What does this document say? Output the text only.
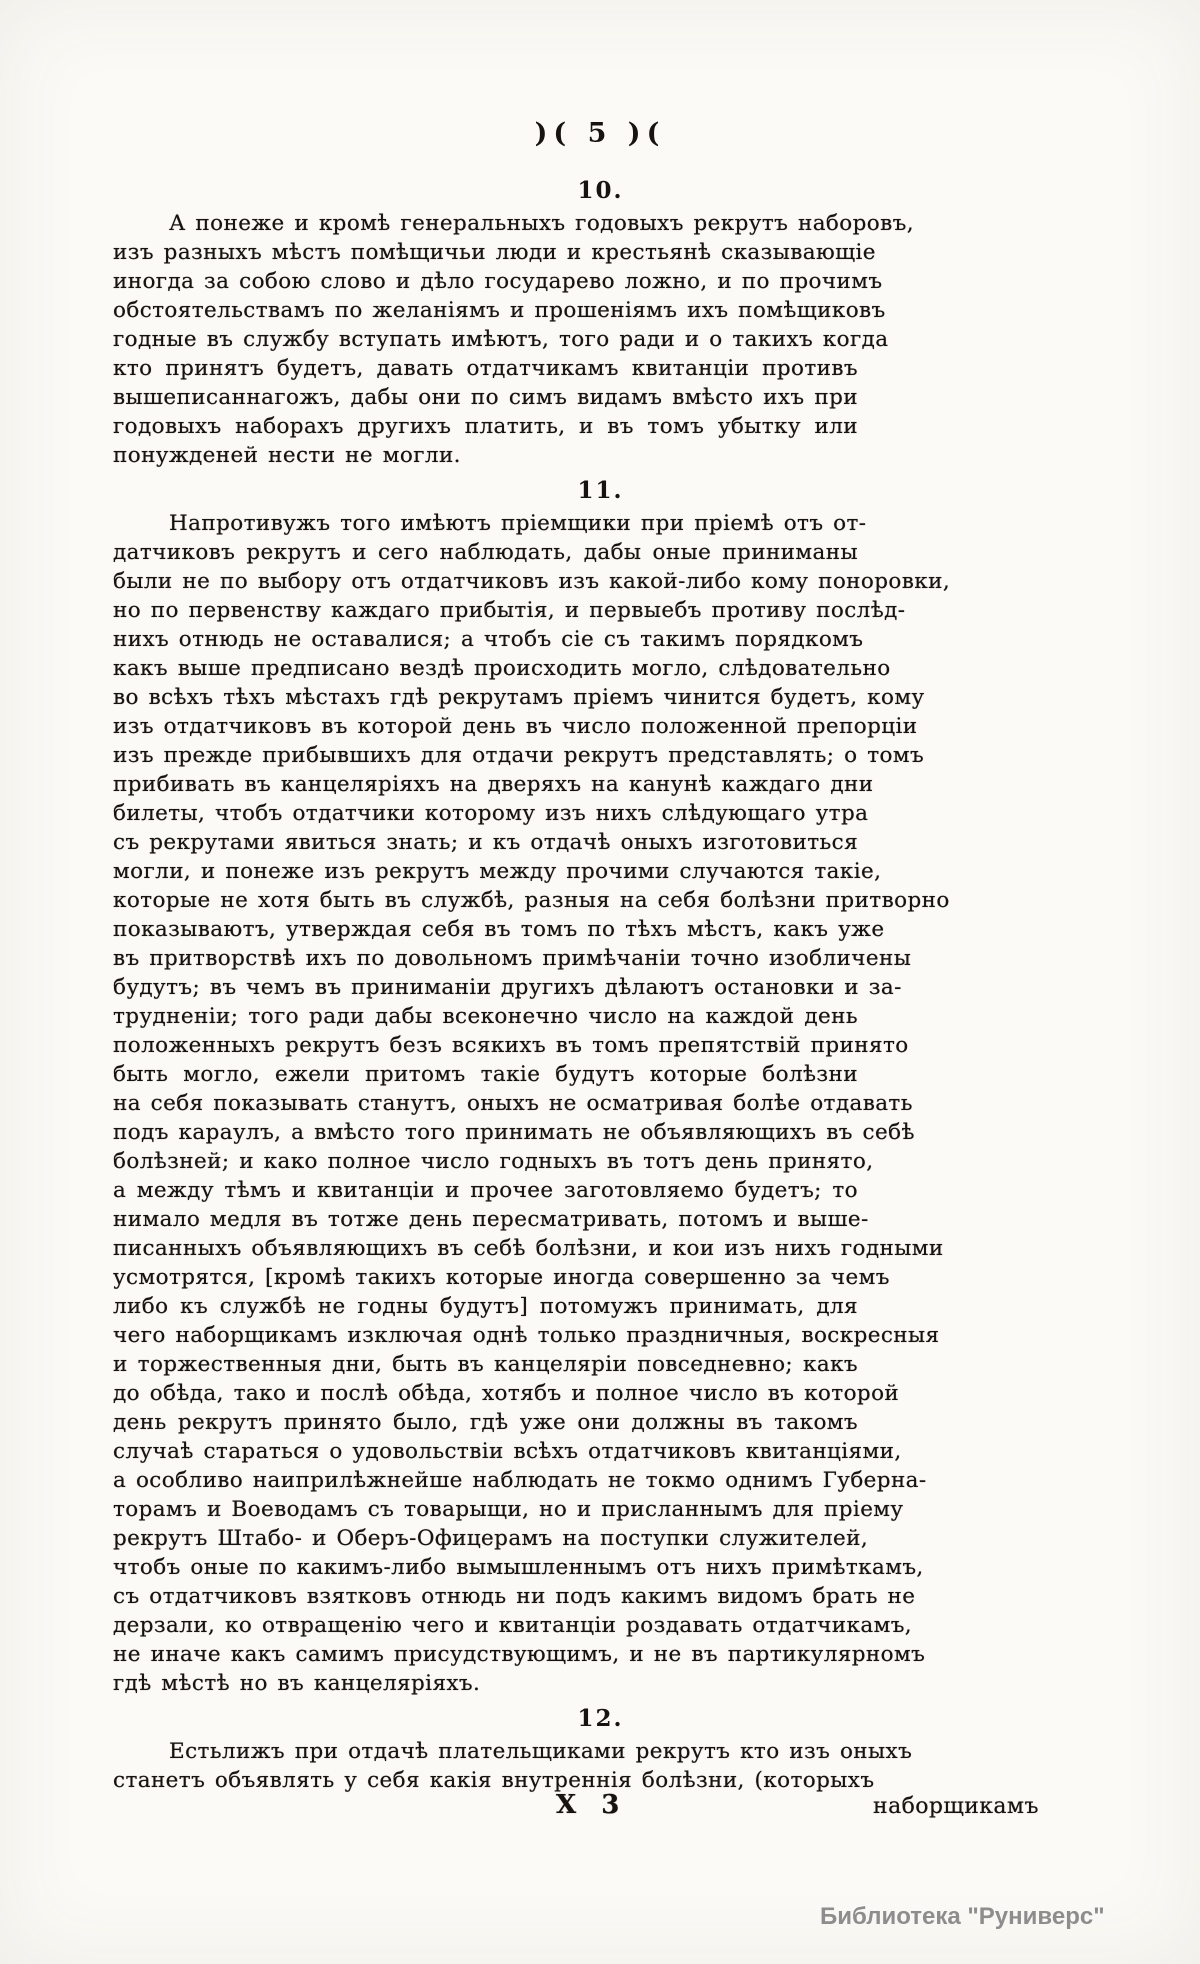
)( 5 )(
10.
А понеже и кромѣ генеральныхъ годовыхъ рекрутъ наборовъ,
изъ разныхъ мѣстъ помѣщичьи люди и крестьянѣ сказывающіе
иногда за собою слово и дѣло государево ложно, и по прочимъ
обстоятельствамъ по желаніямъ и прошеніямъ ихъ помѣщиковъ
годные въ службу вступать имѣютъ, того ради и о такихъ когда
кто принятъ будетъ, давать отдатчикамъ квитанціи противъ
вышеписаннагожъ, дабы они по симъ видамъ вмѣсто ихъ при
годовыхъ наборахъ другихъ платить, и въ томъ убытку или
понужденей нести не могли.
11.
Напротивужъ того имѣютъ пріемщики при пріемѣ отъ от-
датчиковъ рекрутъ и сего наблюдать, дабы оные приниманы
были не по выбору отъ отдатчиковъ изъ какой-либо кому поноровки,
но по первенству каждаго прибытія, и первыебъ противу послѣд-
нихъ отнюдь не оставалися; а чтобъ сіе съ такимъ порядкомъ
какъ выше предписано вездѣ происходить могло, слѣдовательно
во всѣхъ тѣхъ мѣстахъ гдѣ рекрутамъ пріемъ чинится будетъ, кому
изъ отдатчиковъ въ которой день въ число положенной препорціи
изъ прежде прибывшихъ для отдачи рекрутъ представлять; о томъ
прибивать въ канцеляріяхъ на дверяхъ на канунѣ каждаго дни
билеты, чтобъ отдатчики которому изъ нихъ слѣдующаго утра
съ рекрутами явиться знать; и къ отдачѣ оныхъ изготовиться
могли, и понеже изъ рекрутъ между прочими случаются такіе,
которые не хотя быть въ службѣ, разныя на себя болѣзни притворно
показываютъ, утверждая себя въ томъ по тѣхъ мѣстъ, какъ уже
въ притворствѣ ихъ по довольномъ примѣчаніи точно изобличены
будутъ; въ чемъ въ приниманіи другихъ дѣлаютъ остановки и за-
трудненіи; того ради дабы всеконечно число на каждой день
положенныхъ рекрутъ безъ всякихъ въ томъ препятствій принято
быть могло, ежели притомъ такіе будутъ которые болѣзни
на себя показывать станутъ, оныхъ не осматривая болѣе отдавать
подъ караулъ, а вмѣсто того принимать не объявляющихъ въ себѣ
болѣзней; и како полное число годныхъ въ тотъ день принято,
а между тѣмъ и квитанціи и прочее заготовляемо будетъ; то
нимало медля въ тотже день пересматривать, потомъ и выше-
писанныхъ объявляющихъ въ себѣ болѣзни, и кои изъ нихъ годными
усмотрятся, [кромѣ такихъ которые иногда совершенно за чемъ
либо къ службѣ не годны будутъ] потомужъ принимать, для
чего наборщикамъ изключая однѣ только праздничныя, воскресныя
и торжественныя дни, быть въ канцеляріи повседневно; какъ
до обѣда, тако и послѣ обѣда, хотябъ и полное число въ которой
день рекрутъ принято было, гдѣ уже они должны въ такомъ
случаѣ стараться о удовольствіи всѣхъ отдатчиковъ квитанціями,
а особливо наиприлѣжнейше наблюдать не токмо однимъ Губерна-
торамъ и Воеводамъ съ товарыщи, но и присланнымъ для пріему
рекрутъ Штабо- и Оберъ-Офицерамъ на поступки служителей,
чтобъ оные по какимъ-либо вымышленнымъ отъ нихъ примѣткамъ,
съ отдатчиковъ взятковъ отнюдь ни подъ какимъ видомъ брать не
дерзали, ко отвращенію чего и квитанціи роздавать отдатчикамъ,
не иначе какъ самимъ присудствующимъ, и не въ партикулярномъ
гдѣ мѣстѣ но въ канцеляріяхъ.
12.
Естьлижъ при отдачѣ плательщиками рекрутъ кто изъ оныхъ
станетъ объявлять у себя какія внутреннія болѣзни, (которыхъ
Х 3	наборщикамъ
Библиотека "Руниверс"
